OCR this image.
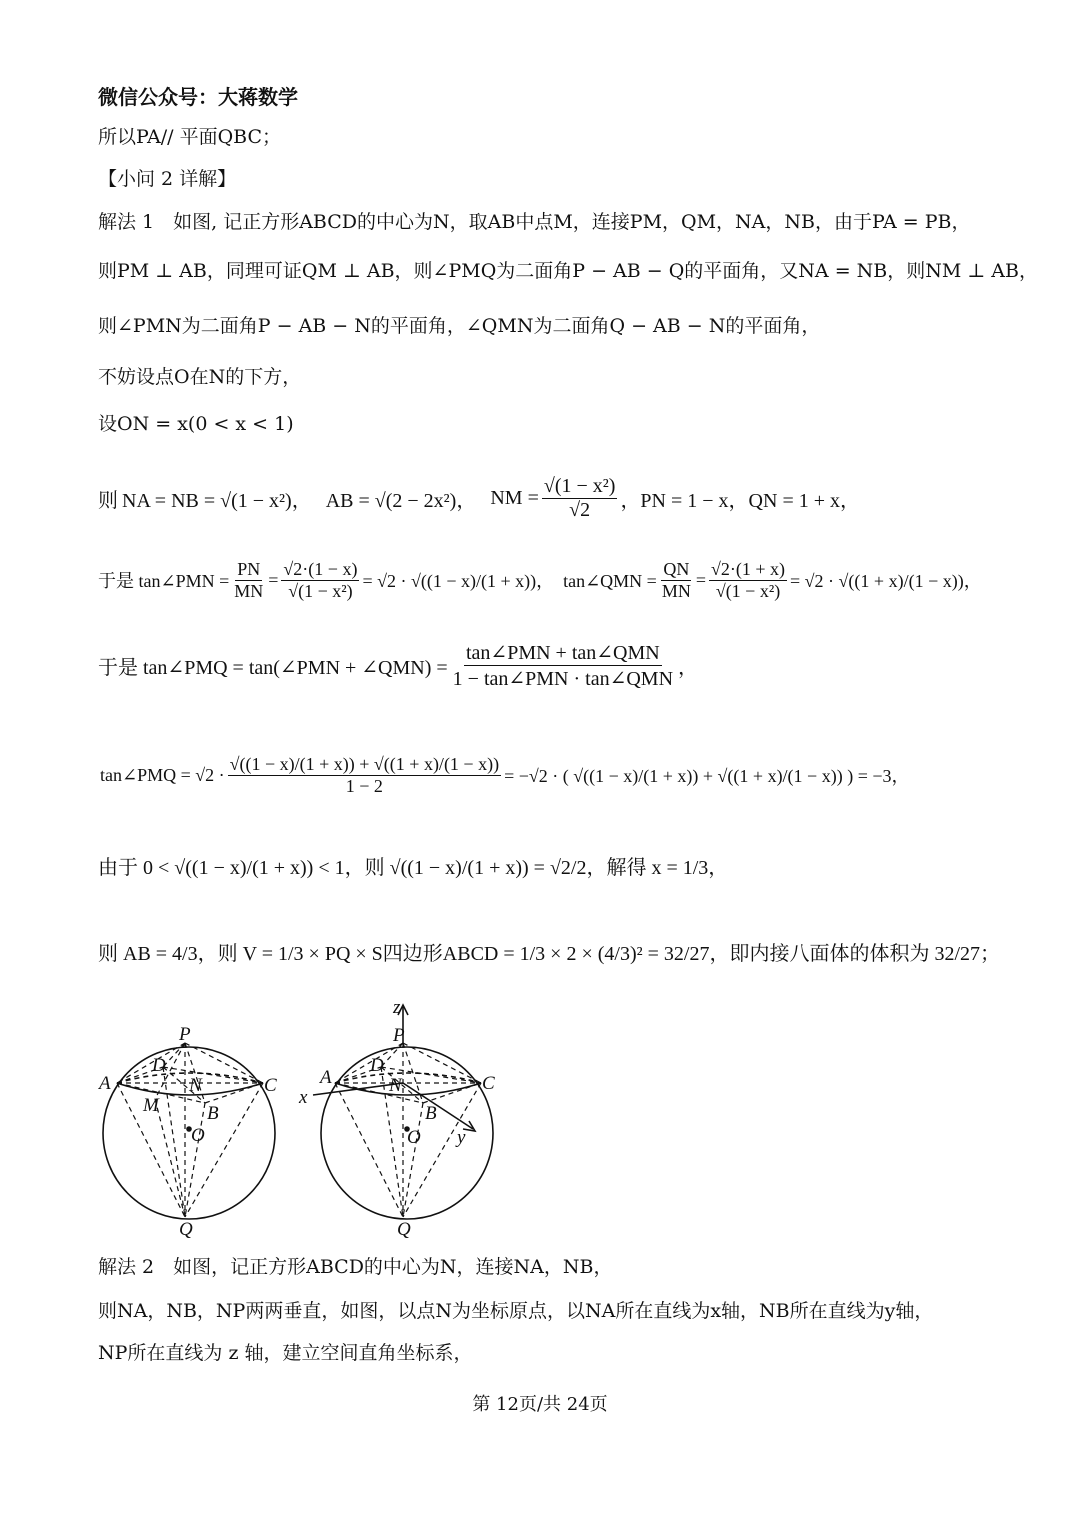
微信公众号：大蒋数学
所以PA// 平面QBC；
【小问 2 详解】
解法 1　如图, 记正方形ABCD的中心为N，取AB中点M，连接PM，QM，NA，NB，由于PA = PB，
则PM ⊥ AB，同理可证QM ⊥ AB，则∠PMQ为二面角P − AB − Q的平面角，又NA = NB，则NM ⊥ AB，
则∠PMN为二面角P − AB − N的平面角，∠QMN为二面角Q − AB − N的平面角，
不妨设点O在N的下方，
设ON = x(0 < x < 1)
则 NA = NB = √(1 − x²)， AB = √(2 − 2x²)， NM = $\frac{\text{√(1 − x²)}}{√2}$ ，PN = 1 − x，QN = 1 + x，
于是 tan∠PMN = $\frac{PN}{MN} = \frac{√2\cdot(1 - x)}{\text{√(1 − x²)}} = √2 \cdot √((1 - x)/(1 + x))$，　tan∠QMN = $\frac{QN}{MN} = \frac{√2\cdot(1 + x)}{\text{√(1 − x²)}} = √2 \cdot √((1 + x)/(1 - x))$，
于是 tan∠PMQ = tan(∠PMN + ∠QMN) = $\frac{\text{tan∠PMN + tan∠QMN}}{\text{1 − tan∠PMN · tan∠QMN}}$ ，
tan∠PMQ = $√2 \cdot \frac{√((1 - x)/(1 + x)) + √((1 + x)/(1 - x))}{1 - 2} = -√2$ · ( √((1 − x)/(1 + x)) + √((1 + x)/(1 − x)) ) = −3，
由于 0 < √((1 − x)/(1 + x)) < 1，则 √((1 − x)/(1 + x)) = √2/2，解得 x = 1/3，
则 AB = 4/3，则 V = 1/3 × PQ × S四边形ABCD = 1/3 × 2 × (4/3)² = 32/27，即内接八面体的体积为 32/27；
P
D
N
A	C
M	B
O
Q
z
P
D
N
A	C
x
B
O y
Q
解法 2　如图，记正方形ABCD的中心为N，连接NA，NB，
则NA，NB，NP两两垂直，如图，以点N为坐标原点，以NA所在直线为x轴，NB所在直线为y轴，
NP所在直线为 z 轴，建立空间直角坐标系，
第 12页/共 24页
